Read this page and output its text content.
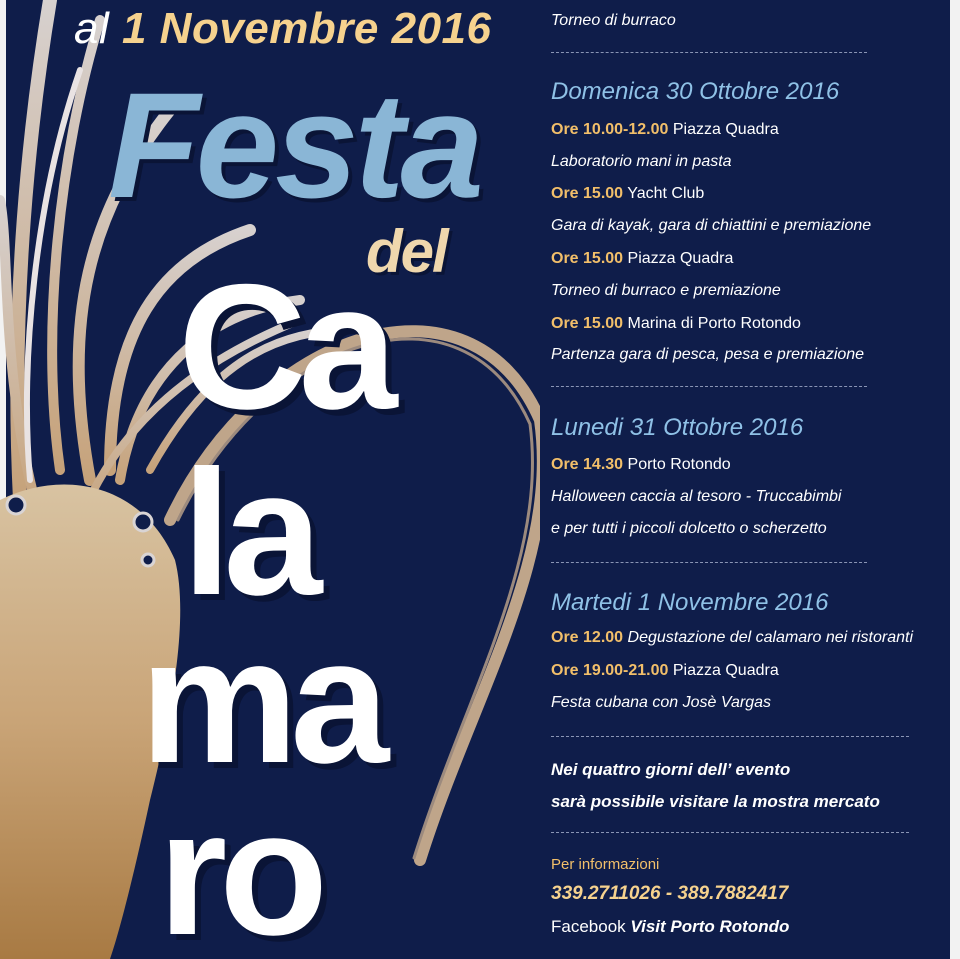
al 1 Novembre 2016
Festa
del
Ca
la
ma
ro
Torneo di burraco
Domenica 30 Ottobre 2016
Ore 10.00-12.00 Piazza Quadra
Laboratorio mani in pasta
Ore 15.00 Yacht Club
Gara di kayak, gara di chiattini e premiazione
Ore 15.00 Piazza Quadra
Torneo di burraco e premiazione
Ore 15.00 Marina di Porto Rotondo
Partenza gara di pesca, pesa e premiazione
Lunedi 31 Ottobre 2016
Ore 14.30 Porto Rotondo
Halloween caccia al tesoro - Truccabimbi
e per tutti i piccoli dolcetto o scherzetto
Martedi 1 Novembre 2016
Ore 12.00 Degustazione del calamaro nei ristoranti
Ore 19.00-21.00 Piazza Quadra
Festa cubana con Josè Vargas
Nei quattro giorni dell’ evento
sarà possibile visitare la mostra mercato
Per informazioni
339.2711026 - 389.7882417
Facebook Visit Porto Rotondo
